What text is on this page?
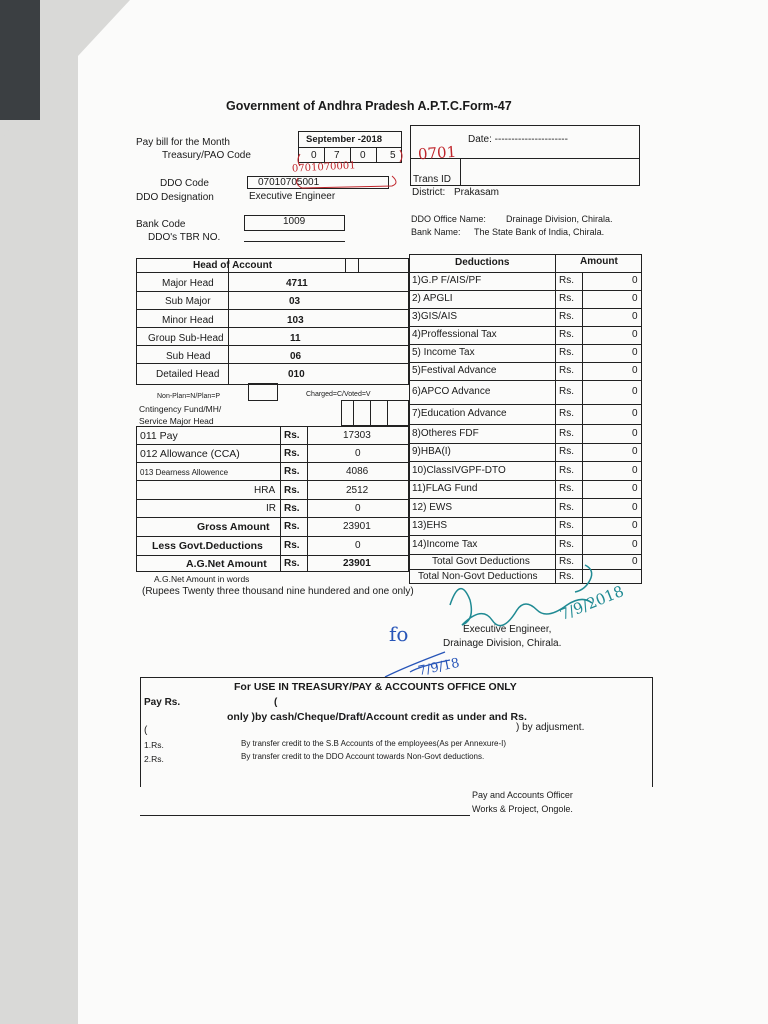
Government of Andhra Pradesh A.P.T.C.Form-47
Pay bill for the Month
Treasury/PAO Code
September -2018
0 7 0 5
Date: ----------------------
Trans ID
District: Prakasam
DDO Code	07010705001
DDO Designation	Executive Engineer
Bank Code	1009
DDO's TBR NO.
DDO Office Name: Drainage Division, Chirala.
Bank Name: The State Bank of India, Chirala.
0701
0701070001
Head of Account
Major Head	4711
Sub Major	03
Minor Head	103
Group Sub-Head	11
Sub Head	06
Detailed Head	010
Non-Plan=N/Plan=P	Charged=C/Voted=V
Cntingency Fund/MH/
Service Major Head
011 Pay	Rs.	17303
012 Allowance (CCA)	Rs.	0
013 Dearness Allowence	Rs.	4086
HRA Rs.	2512
IR Rs.	0
Gross Amount Rs.	23901
Less Govt.Deductions Rs.	0
A.G.Net Amount Rs.	23901
A.G.Net Amount in words
(Rupees Twenty three thousand nine hundered and one only)
Deductions	Amount
1)G.P F/AIS/PF	Rs.	0
2) APGLI	Rs.	0
3)GIS/AIS	Rs.	0
4)Proffessional Tax	Rs.	0
5) Income Tax	Rs.	0
5)Festival Advance	Rs.	0
6)APCO Advance	Rs.	0
7)Education Advance	Rs.	0
8)Otheres FDF	Rs.	0
9)HBA(I)	Rs.	0
10)ClassIVGPF-DTO	Rs.	0
11)FLAG Fund	Rs.	0
12) EWS	Rs.	0
13)EHS	Rs.	0
14)Income Tax	Rs.	0
Total Govt Deductions	Rs.	0
Total Non-Govt Deductions Rs.
Executive Engineer,
Drainage Division, Chirala.
7/9/2018
fo
7/9/18
For USE IN TREASURY/PAY & ACCOUNTS OFFICE ONLY
Pay Rs.	(
only )by cash/Cheque/Draft/Account credit as under and Rs.
(	) by adjusment.
1.Rs.	By transfer credit to the S.B Accounts of the employees(As per Annexure-I)
2.Rs.	By transfer credit to the DDO Account towards Non-Govt deductions.
Pay and Accounts Officer
Works & Project, Ongole.
